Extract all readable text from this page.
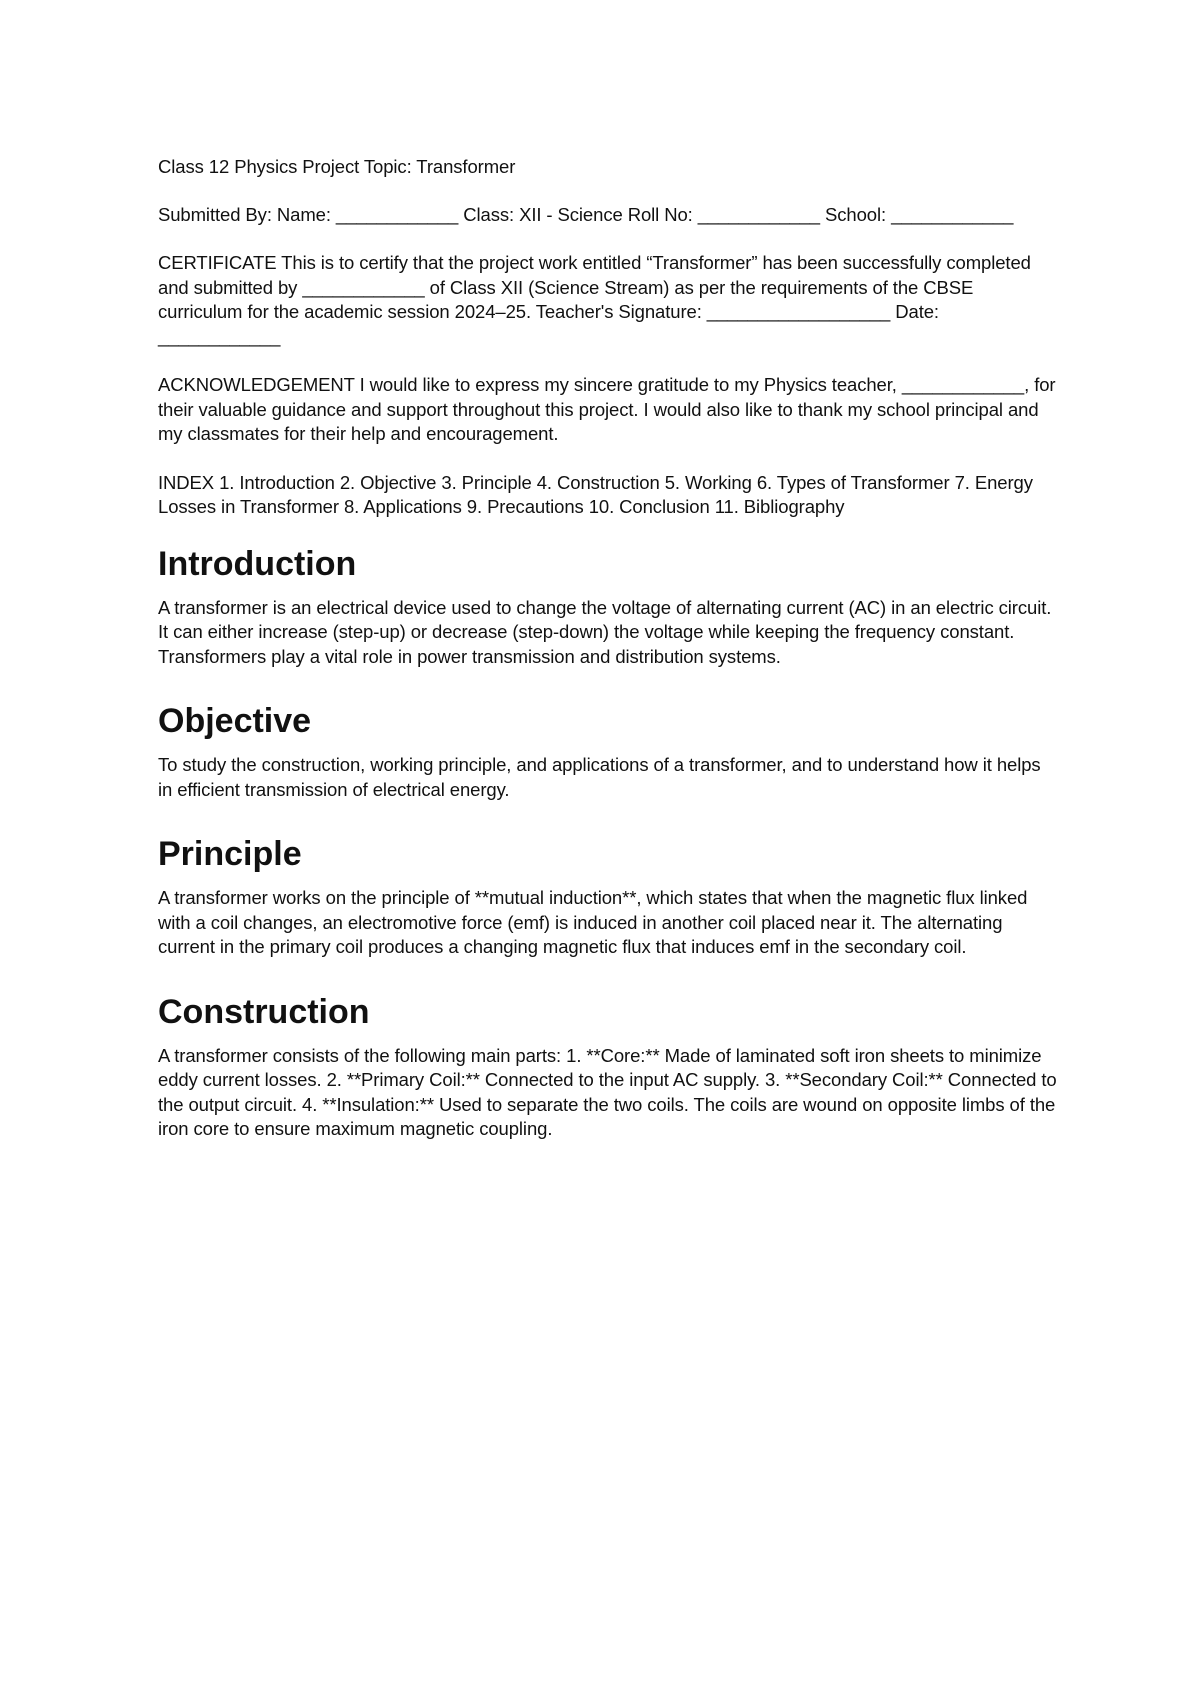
Class 12 Physics Project Topic: Transformer

Submitted By: Name: ____________ Class: XII - Science Roll No: ____________ School: ____________

CERTIFICATE This is to certify that the project work entitled “Transformer” has been successfully completed and submitted by ____________ of Class XII (Science Stream) as per the requirements of the CBSE curriculum for the academic session 2024–25. Teacher's Signature: __________________ Date: ____________

ACKNOWLEDGEMENT I would like to express my sincere gratitude to my Physics teacher, ____________, for their valuable guidance and support throughout this project. I would also like to thank my school principal and my classmates for their help and encouragement.

INDEX 1. Introduction 2. Objective 3. Principle 4. Construction 5. Working 6. Types of Transformer 7. Energy Losses in Transformer 8. Applications 9. Precautions 10. Conclusion 11. Bibliography

Introduction

A transformer is an electrical device used to change the voltage of alternating current (AC) in an electric circuit. It can either increase (step-up) or decrease (step-down) the voltage while keeping the frequency constant. Transformers play a vital role in power transmission and distribution systems.

Objective

To study the construction, working principle, and applications of a transformer, and to understand how it helps in efficient transmission of electrical energy.

Principle

A transformer works on the principle of **mutual induction**, which states that when the magnetic flux linked with a coil changes, an electromotive force (emf) is induced in another coil placed near it. The alternating current in the primary coil produces a changing magnetic flux that induces emf in the secondary coil.

Construction

A transformer consists of the following main parts: 1. **Core:** Made of laminated soft iron sheets to minimize eddy current losses. 2. **Primary Coil:** Connected to the input AC supply. 3. **Secondary Coil:** Connected to the output circuit. 4. **Insulation:** Used to separate the two coils. The coils are wound on opposite limbs of the iron core to ensure maximum magnetic coupling.
